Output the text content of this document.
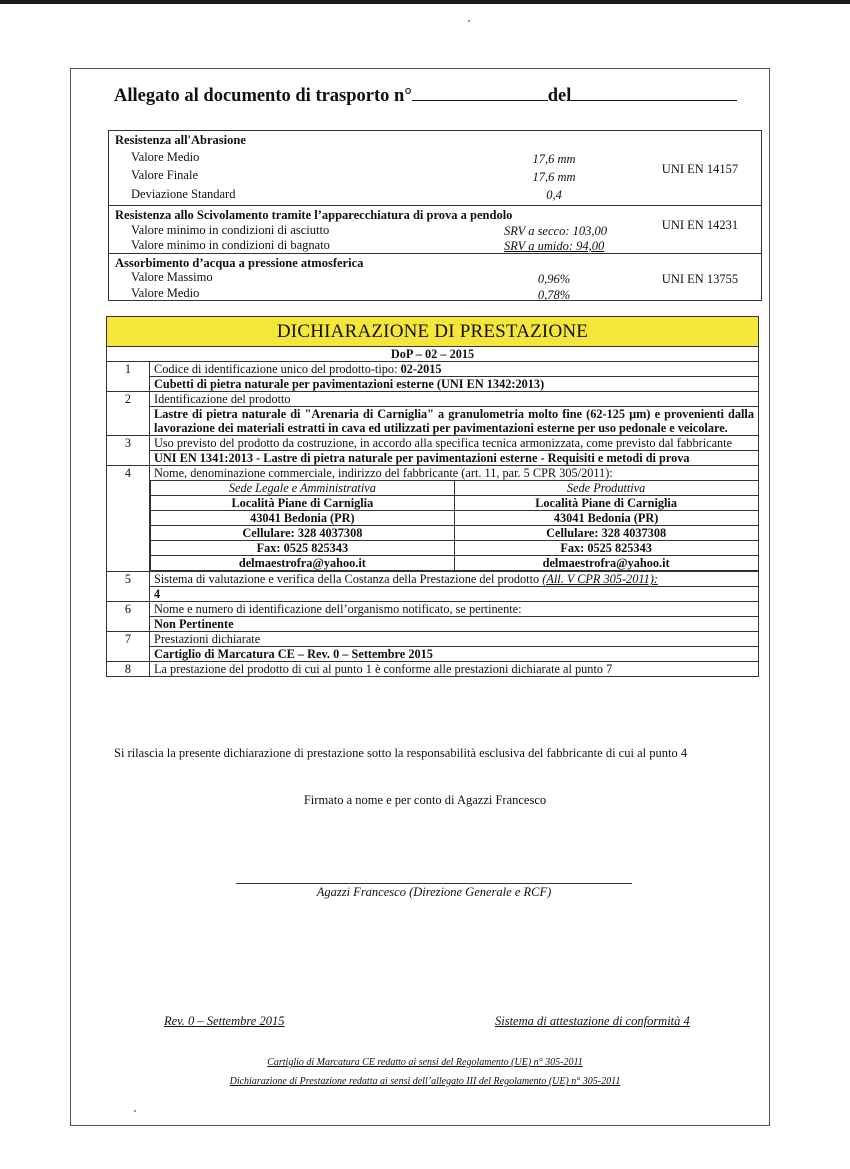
Allegato al documento di trasporto n°	del
Resistenza all'Abrasione
Valore Medio	17,6 mm
Valore Finale	17,6 mm
Deviazione Standard	0,4
UNI EN 14157
Resistenza allo Scivolamento tramite l’apparecchiatura di prova a pendolo
Valore minimo in condizioni di asciutto	SRV a secco: 103,00
Valore minimo in condizioni di bagnato	SRV a umido: 94,00
UNI EN 14231
Assorbimento d’acqua a pressione atmosferica
Valore Massimo	0,96%
Valore Medio	0,78%
UNI EN 13755
DICHIARAZIONE DI PRESTAZIONE
DoP – 02 – 2015
1	Codice di identificazione unico del prodotto-tipo: 02-2015
Cubetti di pietra naturale per pavimentazioni esterne (UNI EN 1342:2013)
2	Identificazione del prodotto
Lastre di pietra naturale di "Arenaria di Carniglia" a granulometria molto fine (62-125 µm) e provenienti dalla lavorazione dei materiali estratti in cava ed utilizzati per pavimentazioni esterne per uso pedonale e veicolare.
3	Uso previsto del prodotto da costruzione, in accordo alla specifica tecnica armonizzata, come previsto dal fabbricante
UNI EN 1341:2013 - Lastre di pietra naturale per pavimentazioni esterne - Requisiti e metodi di prova
4	Nome, denominazione commerciale, indirizzo del fabbricante (art. 11, par. 5 CPR 305/2011):

Sede Legale e Amministrativa	Sede Produttiva
Località Piane di Carniglia	Località Piane di Carniglia
43041 Bedonia (PR)	43041 Bedonia (PR)
Cellulare: 328 4037308	Cellulare: 328 4037308
Fax: 0525 825343	Fax: 0525 825343
delmaestrofra@yahoo.it	delmaestrofra@yahoo.it

5	Sistema di valutazione e verifica della Costanza della Prestazione del prodotto (All. V CPR 305-2011):
4
6	Nome e numero di identificazione dell’organismo notificato, se pertinente:
Non Pertinente
7	Prestazioni dichiarate
Cartiglio di Marcatura CE – Rev. 0 – Settembre 2015
8	La prestazione del prodotto di cui al punto 1 è conforme alle prestazioni dichiarate al punto 7
Si rilascia la presente dichiarazione di prestazione sotto la responsabilità esclusiva del fabbricante di cui al punto 4
Firmato a nome e per conto di Agazzi Francesco
Agazzi Francesco (Direzione Generale e RCF)
Rev. 0 – Settembre 2015	Sistema di attestazione di conformità 4
Cartiglio di Marcatura CE redatto ai sensi del Regolamento (UE) n° 305-2011
Dichiarazione di Prestazione redatta ai sensi dell’allegato III del Regolamento (UE) n° 305-2011
